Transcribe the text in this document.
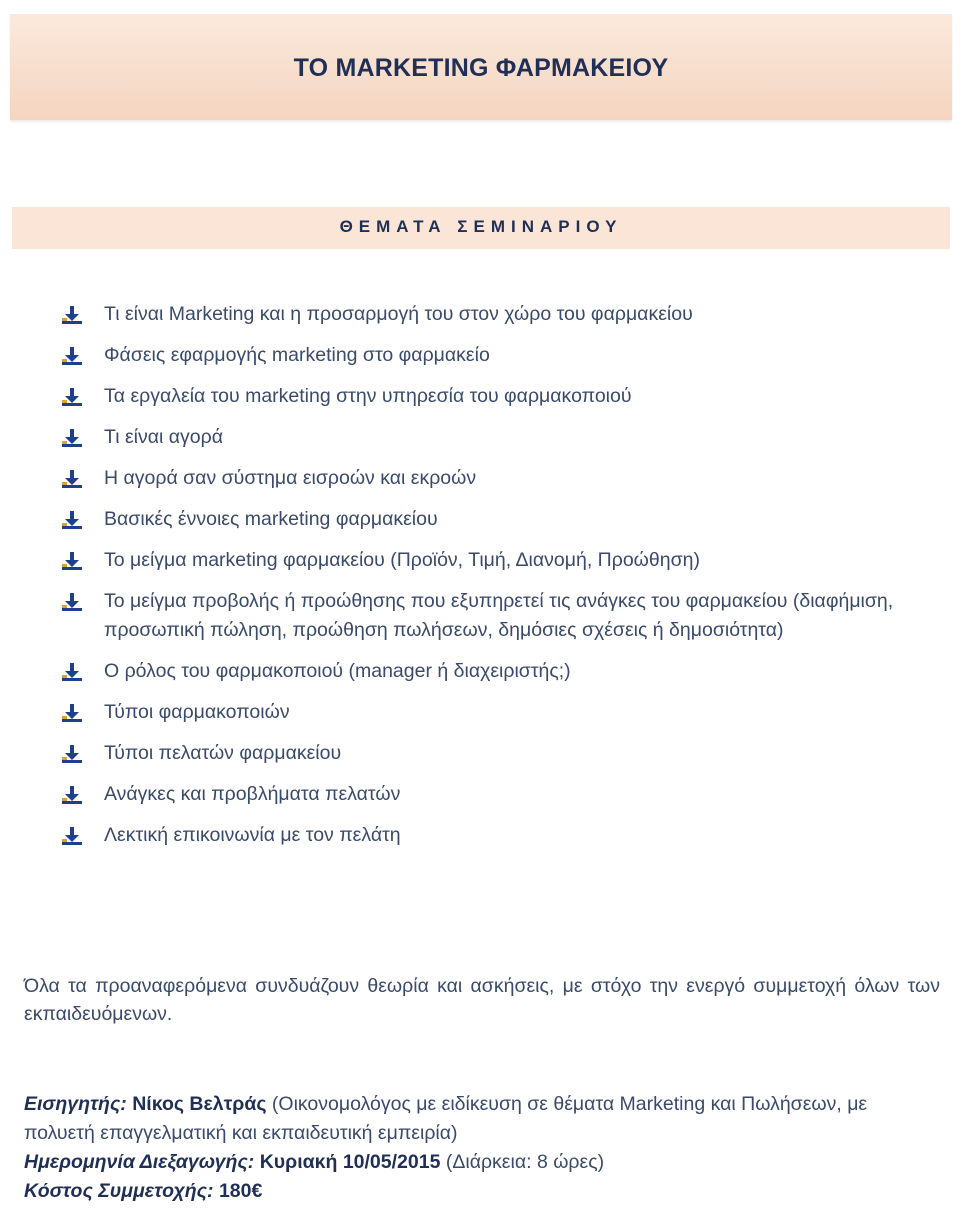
ΤΟ MARKETING ΦΑΡΜΑΚΕΙΟΥ
ΘΕΜΑΤΑ ΣΕΜΙΝΑΡΙΟΥ
Τι είναι Marketing και η προσαρμογή του στον χώρο του φαρμακείου
Φάσεις εφαρμογής marketing στο φαρμακείο
Τα εργαλεία του marketing στην υπηρεσία του φαρμακοποιού
Τι είναι αγορά
Η αγορά σαν σύστημα εισροών και εκροών
Βασικές έννοιες marketing φαρμακείου
Το μείγμα marketing φαρμακείου (Προϊόν, Τιμή, Διανομή, Προώθηση)
Το μείγμα προβολής ή προώθησης που εξυπηρετεί τις ανάγκες του φαρμακείου (διαφήμιση, προσωπική πώληση, προώθηση πωλήσεων, δημόσιες σχέσεις ή δημοσιότητα)
Ο ρόλος του φαρμακοποιού (manager ή διαχειριστής;)
Τύποι φαρμακοποιών
Τύποι πελατών φαρμακείου
Ανάγκες και προβλήματα πελατών
Λεκτική επικοινωνία με τον πελάτη

Όλα τα προαναφερόμενα συνδυάζουν θεωρία και ασκήσεις, με στόχο την ενεργό συμμετοχή όλων των εκπαιδευόμενων.

Εισηγητής: Νίκος Βελτράς (Οικονομολόγος με ειδίκευση σε θέματα Marketing και Πωλήσεων, με πολυετή επαγγελματική και εκπαιδευτική εμπειρία)

Ημερομηνία Διεξαγωγής: Κυριακή 10/05/2015 (Διάρκεια: 8 ώρες)

Κόστος Συμμετοχής: 180€
